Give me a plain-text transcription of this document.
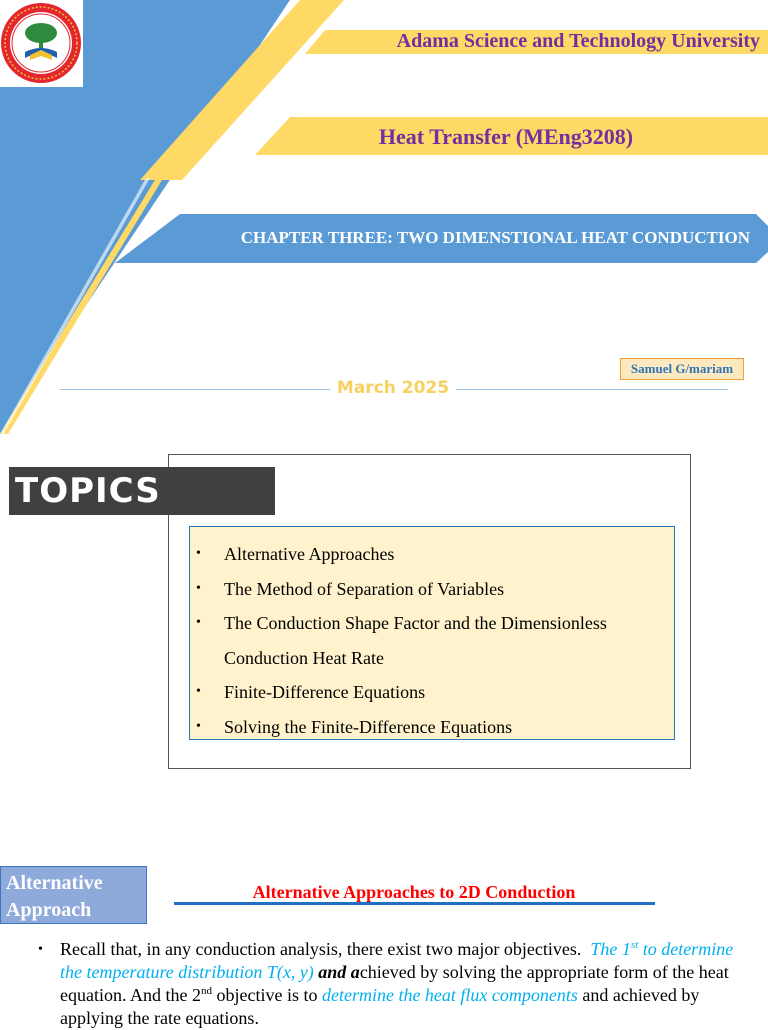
Adama Science and Technology University
Heat Transfer (MEng3208)
CHAPTER THREE: TWO DIMENSTIONAL HEAT CONDUCTION
Samuel G/mariam
March 2025
TOPICS
• Alternative Approaches
• The Method of Separation of Variables
• The Conduction Shape Factor and the Dimensionless
Conduction Heat Rate
• Finite-Difference Equations
• Solving the Finite-Difference Equations
Alternative Approach
Alternative Approaches to 2D Conduction
• Recall that, in any conduction analysis, there exist two major objectives. The 1st to determine the temperature distribution T(x, y) and achieved by solving the appropriate form of the heat equation. And the 2nd objective is to determine the heat flux components and achieved by applying the rate equations.
